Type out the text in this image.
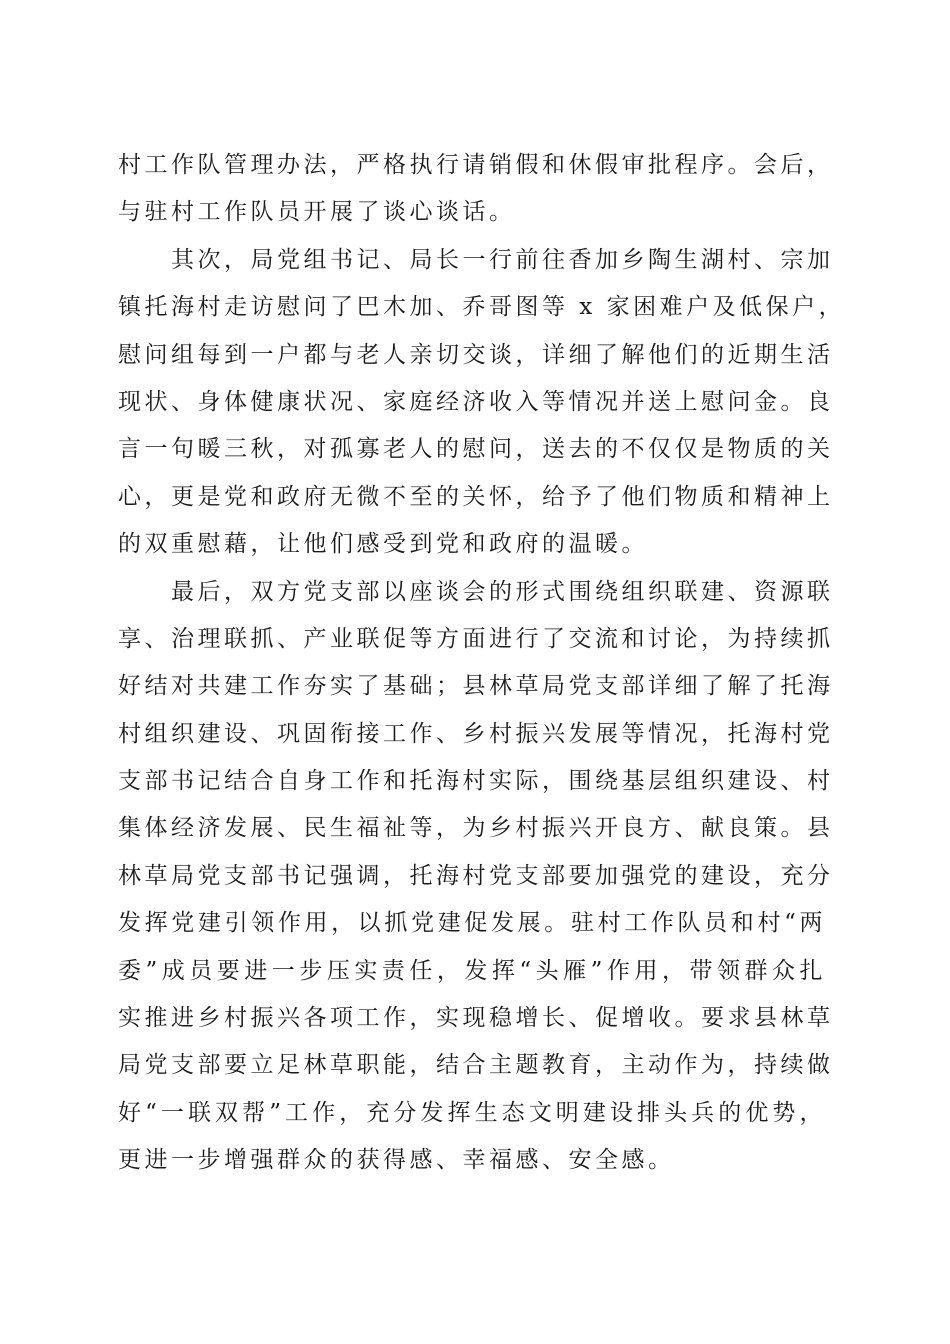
村工作队管理办法，严格执行请销假和休假审批程序。会后，
与驻村工作队员开展了谈心谈话。
其次，局党组书记、局长一行前往香加乡陶生湖村、宗加
镇托海村走访慰问了巴木加、乔哥图等 x 家困难户及低保户，
慰问组每到一户都与老人亲切交谈，详细了解他们的近期生活
现状、身体健康状况、家庭经济收入等情况并送上慰问金。良
言一句暖三秋，对孤寡老人的慰问，送去的不仅仅是物质的关
心，更是党和政府无微不至的关怀，给予了他们物质和精神上
的双重慰藉，让他们感受到党和政府的温暖。
最后，双方党支部以座谈会的形式围绕组织联建、资源联
享、治理联抓、产业联促等方面进行了交流和讨论，为持续抓
好结对共建工作夯实了基础；县林草局党支部详细了解了托海
村组织建设、巩固衔接工作、乡村振兴发展等情况，托海村党
支部书记结合自身工作和托海村实际，围绕基层组织建设、村
集体经济发展、民生福祉等，为乡村振兴开良方、献良策。县
林草局党支部书记强调，托海村党支部要加强党的建设，充分
发挥党建引领作用，以抓党建促发展。驻村工作队员和村“两
委”成员要进一步压实责任，发挥“头雁”作用，带领群众扎
实推进乡村振兴各项工作，实现稳增长、促增收。要求县林草
局党支部要立足林草职能，结合主题教育，主动作为，持续做
好“一联双帮”工作，充分发挥生态文明建设排头兵的优势，
更进一步增强群众的获得感、幸福感、安全感。
